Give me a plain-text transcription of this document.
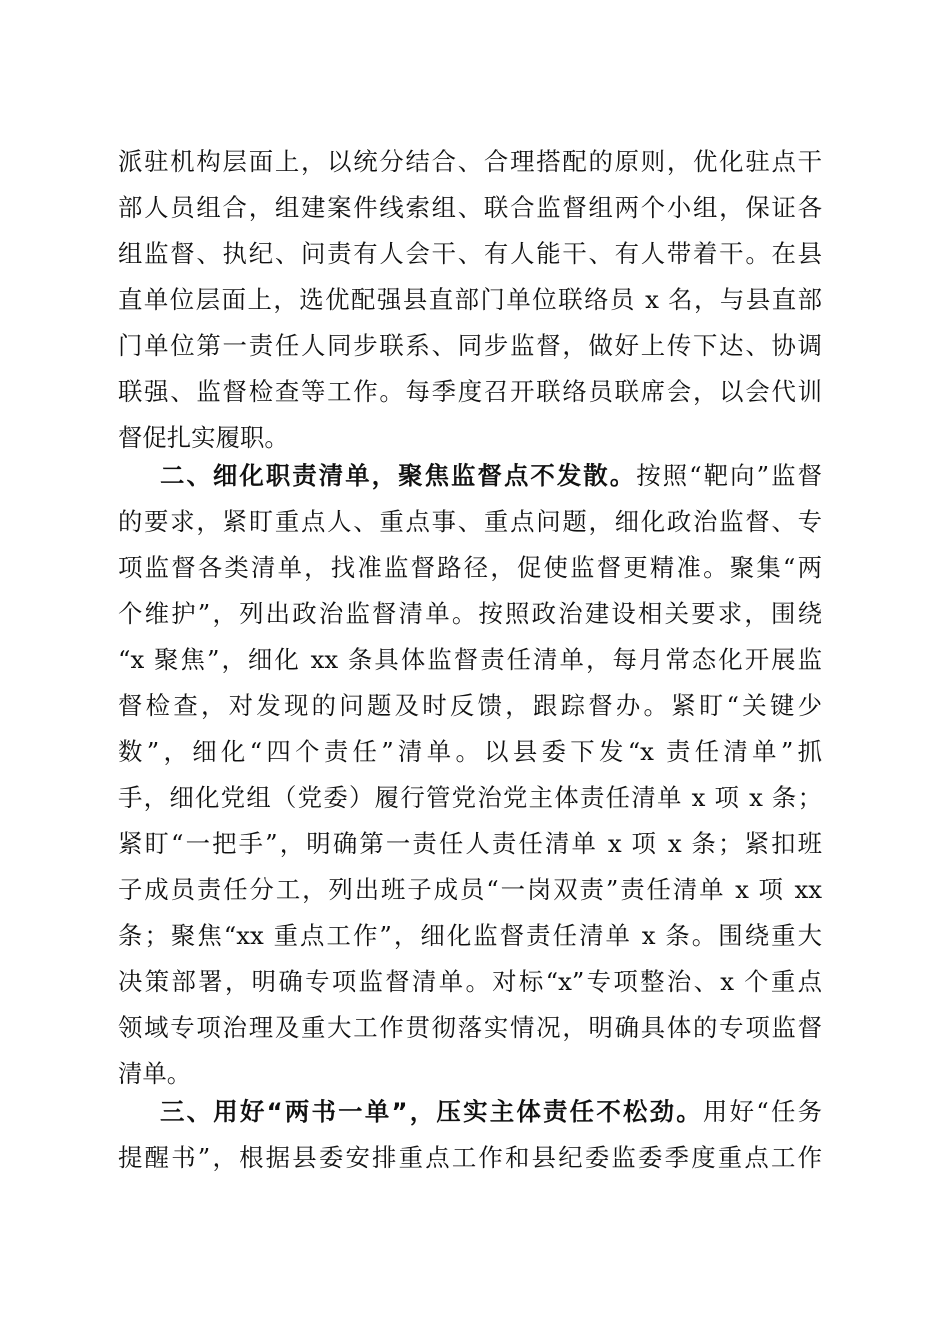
派驻机构层面上，以统分结合、合理搭配的原则，优化驻点干
部人员组合，组建案件线索组、联合监督组两个小组，保证各
组监督、执纪、问责有人会干、有人能干、有人带着干。在县
直单位层面上，选优配强县直部门单位联络员 x 名，与县直部
门单位第一责任人同步联系、同步监督，做好上传下达、协调
联强、监督检查等工作。每季度召开联络员联席会，以会代训
督促扎实履职。
二、细化职责清单，聚焦监督点不发散。按照“靶向”监督
的要求，紧盯重点人、重点事、重点问题，细化政治监督、专
项监督各类清单，找准监督路径，促使监督更精准。聚集“两
个维护”，列出政治监督清单。按照政治建设相关要求，围绕
“x 聚焦”，细化 xx 条具体监督责任清单，每月常态化开展监
督检查，对发现的问题及时反馈，跟踪督办。紧盯“关键少
数”，细化“四个责任”清单。以县委下发“x 责任清单”抓
手，细化党组（党委）履行管党治党主体责任清单 x 项 x 条；
紧盯“一把手”，明确第一责任人责任清单 x 项 x 条；紧扣班
子成员责任分工，列出班子成员“一岗双责”责任清单 x 项 xx
条；聚焦“xx 重点工作”，细化监督责任清单 x 条。围绕重大
决策部署，明确专项监督清单。对标“x”专项整治、x 个重点
领域专项治理及重大工作贯彻落实情况，明确具体的专项监督
清单。
三、用好“两书一单”，压实主体责任不松劲。用好“任务
提醒书”，根据县委安排重点工作和县纪委监委季度重点工作
